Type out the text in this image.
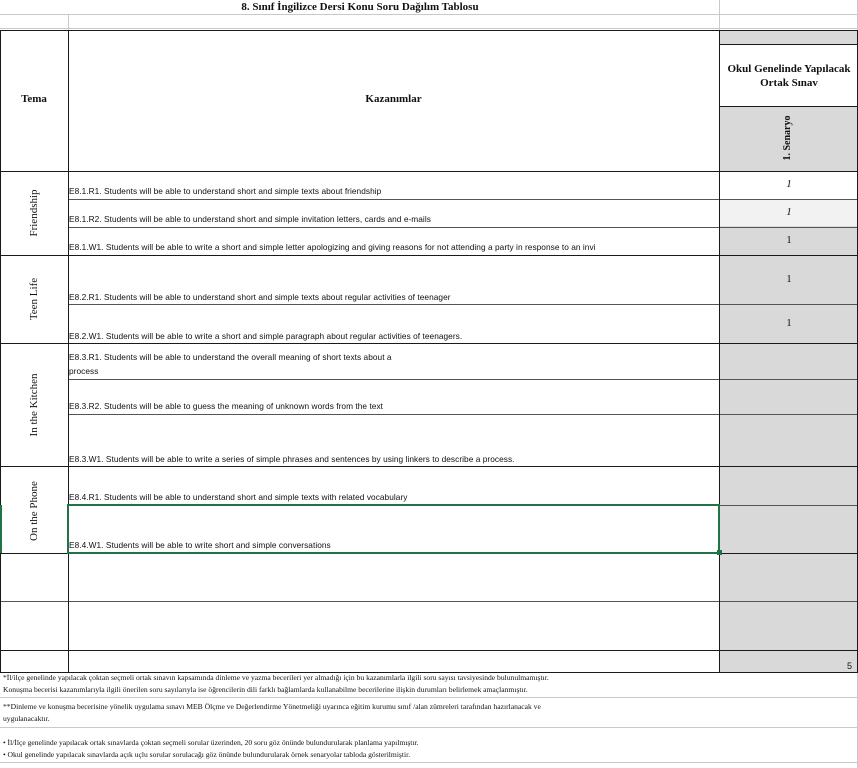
8. Sınıf İngilizce Dersi Konu Soru Dağılım Tablosu
Tema	Kazanımlar
Okul Genelinde Yapılacak Ortak Sınav
1. Senaryo
Friendship
Teen Life
In the Kitchen
On the Phone
E8.1.R1. Students will be able to understand short and simple texts about friendship
E8.1.R2. Students will be able to understand short and simple invitation letters, cards and e-mails
E8.1.W1. Students will be able to write a short and simple letter apologizing and giving reasons for not attending a party in response to an invi
E8.2.R1. Students will be able to understand short and simple texts about regular activities of teenager
E8.2.W1. Students will be able to write a short and simple paragraph about regular activities of teenagers.
E8.3.R1. Students will be able to understand the overall meaning of short texts about a
process
E8.3.R2. Students will be able to guess the meaning of unknown words from the text
E8.3.W1. Students will be able to write a series of simple phrases and sentences by using linkers to describe a process.
E8.4.R1. Students will be able to understand short and simple texts with related vocabulary
E8.4.W1. Students will be able to write short and simple conversations
1
1
1
1
1
5
*İl/ilçe genelinde yapılacak çoktan seçmeli ortak sınavın kapsamında dinleme ve yazma becerileri yer almadığı için bu kazanımlarla ilgili soru sayısı tavsiyesinde bulunulmamıştır.
Konuşma becerisi kazanımlarıyla ilgili önerilen soru sayılarıyla ise öğrencilerin dili farklı bağlamlarda kullanabilme becerilerine ilişkin durumları belirlemek amaçlanmıştır.
**Dinleme ve konuşma becerisine yönelik uygulama sınavı MEB Ölçme ve Değerlendirme Yönetmeliği uyarınca eğitim kurumu sınıf /alan zümreleri tarafından hazırlanacak ve
uygulanacaktır.
• İl/İlçe genelinde yapılacak ortak sınavlarda çoktan seçmeli sorular üzerinden, 20 soru göz önünde bulundurularak planlama yapılmıştır.
• Okul genelinde yapılacak sınavlarda açık uçlu sorular sorulacağı göz önünde bulundurularak örnek senaryolar tabloda gösterilmiştir.
